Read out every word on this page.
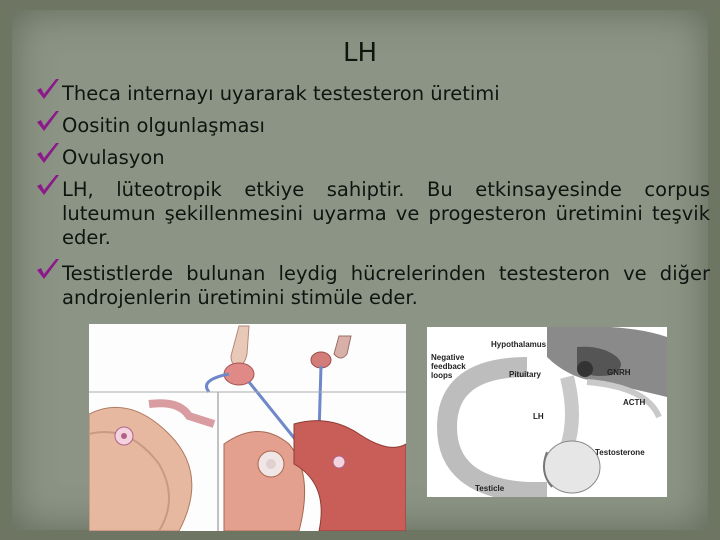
LH
Theca internayı uyararak testesteron üretimi
Oositin olgunlaşması
Ovulasyon
LH, lüteotropik etkiye sahiptir. Bu etkinsayesinde corpus luteumun şekillenmesini uyarma ve progesteron üretimini teşvik eder.
Testistlerde bulunan leydig hücrelerinden testesteron ve diğer androjenlerin üretimini stimüle eder.
Hypothalamus
Negative feedback loops	Pituitary	GNRH
ACTH
LH
Testosterone
Testicle
